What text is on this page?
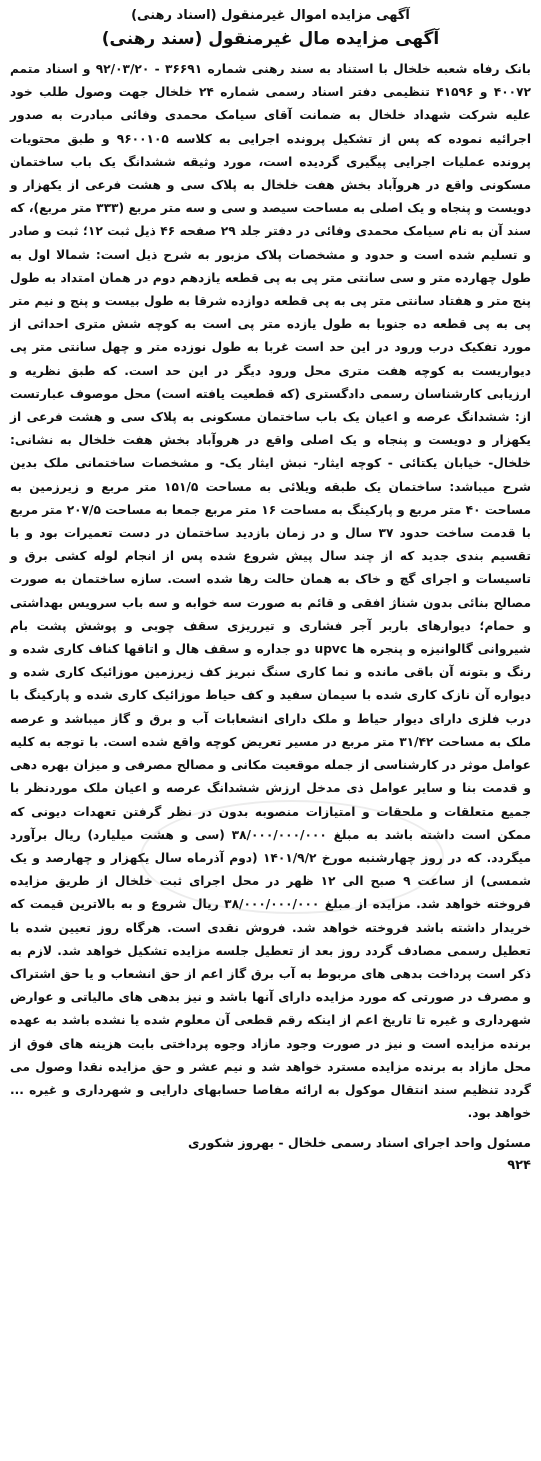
آگهی مزایده اموال غیرمنقول (اسناد رهنی)

آگهی مزایده مال غیرمنقول (سند رهنی)

بانک رفاه شعبه خلخال با استناد به سند رهنی شماره ۳۶۶۹۱ - ۹۲/۰۳/۲۰ و اسناد متمم ۴۰۰۷۲ و ۴۱۵۹۶ تنظیمی دفتر اسناد رسمی شماره ۲۴ خلخال جهت وصول طلب خود علیه شرکت شهداد خلخال به ضمانت آقای سیامک محمدی وفائی مبادرت به صدور اجرائیه نموده که پس از تشکیل پرونده اجرایی به کلاسه ۹۶۰۰۱۰۵ و طبق محتویات پرونده عملیات اجرایی پیگیری گردیده است، مورد وثیقه ششدانگ یک باب ساختمان مسکونی واقع در هروآباد بخش هفت خلخال به پلاک سی و هشت فرعی از یکهزار و دویست و پنجاه و یک اصلی به مساحت سیصد و سی و سه متر مربع (۳۳۳ متر مربع)، که سند آن به نام سیامک محمدی وفائی در دفتر جلد ۲۹ صفحه ۴۶ ذیل ثبت ۱۲؛ ثبت و صادر و تسلیم شده است و حدود و مشخصات پلاک مزبور به شرح ذیل است: شمالا اول به طول چهارده متر و سی سانتی متر پی به پی قطعه یازدهم دوم در همان امتداد به طول پنج متر و هفتاد سانتی متر پی به پی قطعه دوازده شرقا به طول بیست و پنج و نیم متر پی به پی قطعه ده جنوبا به طول یازده متر پی است به کوچه شش متری احداثی از مورد تفکیک درب ورود در این حد است غربا به طول نوزده متر و چهل سانتی متر پی دیواریست به کوچه هفت متری محل ورود دیگر در این حد است. که طبق نظریه و ارزیابی کارشناسان رسمی دادگستری (که قطعیت یافته است) محل موصوف عبارتست از: ششدانگ عرصه و اعیان یک باب ساختمان مسکونی به پلاک سی و هشت فرعی از یکهزار و دویست و پنجاه و یک اصلی واقع در هروآباد بخش هفت خلخال به نشانی: خلخال- خیابان یکتائی - کوچه ایثار- نبش ایثار یک- و مشخصات ساختمانی ملک بدین شرح میباشد: ساختمان یک طبقه ویلائی به مساحت ۱۵۱/۵ متر مربع و زیرزمین به مساحت ۴۰ متر مربع و پارکینگ به مساحت ۱۶ متر مربع جمعا به مساحت ۲۰۷/۵ متر مربع با قدمت ساخت حدود ۳۷ سال و در زمان بازدید ساختمان در دست تعمیرات بود و با تقسیم بندی جدید که از چند سال پیش شروع شده پس از انجام لوله کشی برق و تاسیسات و اجرای گچ و خاک به همان حالت رها شده است. سازه ساختمان به صورت مصالح بنائی بدون شناژ افقی و قائم به صورت سه خوابه و سه باب سرویس بهداشتی و حمام؛ دیوارهای باربر آجر فشاری و تیرریزی سقف چوبی و پوشش پشت بام شیروانی گالوانیزه و پنجره ها upvc دو جداره و سقف هال و اتاقها کناف کاری شده و رنگ و بتونه آن باقی مانده و نما کاری سنگ نبریز کف زیرزمین موزائیک کاری شده و دیواره آن نازک کاری شده با سیمان سفید و کف حیاط موزائیک کاری شده و پارکینگ با درب فلزی دارای دیوار حیاط و ملک دارای انشعابات آب و برق و گاز میباشد و عرصه ملک به مساحت ۳۱/۴۲ متر مربع در مسیر تعریض کوچه واقع شده است. با توجه به کلیه عوامل موثر در کارشناسی از جمله موقعیت مکانی و مصالح مصرفی و میزان بهره دهی و قدمت بنا و سایر عوامل ذی مدخل ارزش ششدانگ عرصه و اعیان ملک موردنظر با جمیع متعلقات و ملحقات و امتیازات منصوبه بدون در نظر گرفتن تعهدات دیونی که ممکن است داشته باشد به مبلغ ۳۸/۰۰۰/۰۰۰/۰۰۰ (سی و هشت میلیارد) ریال برآورد میگردد. که در روز چهارشنبه مورخ ۱۴۰۱/۹/۲ (دوم آذرماه سال یکهزار و چهارصد و یک شمسی) از ساعت ۹ صبح الی ۱۲ ظهر در محل اجرای ثبت خلخال از طریق مزایده فروخته خواهد شد. مزایده از مبلغ ۳۸/۰۰۰/۰۰۰/۰۰۰ ریال شروع و به بالاترین قیمت که خریدار داشته باشد فروخته خواهد شد. فروش نقدی است. هرگاه روز تعیین شده با تعطیل رسمی مصادف گردد روز بعد از تعطیل جلسه مزایده تشکیل خواهد شد. لازم به ذکر است پرداخت بدهی های مربوط به آب برق گاز اعم از حق انشعاب و یا حق اشتراک و مصرف در صورتی که مورد مزایده دارای آنها باشد و نیز بدهی های مالیاتی و عوارض شهرداری و غیره تا تاریخ اعم از اینکه رقم قطعی آن معلوم شده یا نشده باشد به عهده برنده مزایده است و نیز در صورت وجود مازاد وجوه پرداختی بابت هزینه های فوق از محل مازاد به برنده مزایده مسترد خواهد شد و نیم عشر و حق مزایده نقدا وصول می گردد تنظیم سند انتقال موکول به ارائه مفاصا حسابهای دارایی و شهرداری و غیره ... خواهد بود.

مسئول واحد اجرای اسناد رسمی خلخال - بهروز شکوری
۹۲۴
